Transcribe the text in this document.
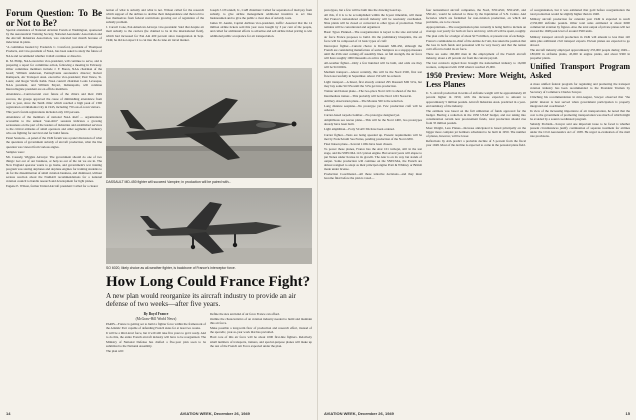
Forum Question: To Be or Not to Be?

Special attendance of National Aviation Forum at Washington, sponsored by the Aeronautical Training Society, National Aeronautic Association and the Aircraft Industries Association, was canceled last month because of indecision in plans.

"A committee headed by Frederick C. Crawford, president of Thompson Products, and vice-president of NAA, has been asked to study the future of NAA and recommend whether it shall continue or dissolve.

R. M. Philip, NAA executive vice-president, will continue to serve, and is preparing a report for committee action, following a meeting in February. Other committee members include J. F. Baron, NAA chairman of the board; William Anderson, Pennsylvania aeronautics director; Robert Ramspeck, Air Transport Assn. executive vice-president; Paul Vance, St. Louis; and Roger Wolfe Kahn. NAA council chairmen Louis Levesque, NAA president, and William Enyart, Indianapolis, will continue Intercollegiate president are ex-officio members.

Attendance—Controversial over future of the clinics and their 1949 success, the groups approved the cause of diminishing attendance from year to year, since the Tenth clinic which reached a high peak of 1300 registration at Oklahoma City in 1945, including 750 out-of-town visitors.

This year's forum registrations included only 100 persons.

Attendance of the members of national NAA shelf ... organizations accessible to the annual "non-shirt" sessions indicates a growing seriousness on the part of the leaders of industries and established services to the critical attitudes of small operators and other segments of industry who are fighting for survival and for build future.

Panel Sessions—A panel of the 1949 forum was a panel discussion of what the questions of government subsidy of aircraft production, what the line question was viewed from various angles.

Samples were:

Mr. Cassady, Wiggins Airways: The government should do one of two things: Get out of our business, or help us out of the rut we are in. The New England operator wants to go home, and government's war training program was staring airplanes and airplane engines for training students to do for the dissemination of small aviation business, and dismissed, without serious reaction about the NARAD recommendations for a national aviation council to handle research and development for light planes.

Eugene E. Wilson, former United Aircraft president: Called for a clearer

notion of what is subsidy and what is not. Wilson called for the research which support of the airlines to decline their independence and then told to free themselves from federal restrictions growing out of regulation of the subsidy problem.

J. Carroll Cone, Pan American Airways vice-president: Said that despite air mail subsidy to the carriers (he claimed to be in the international field), which had increased for Pan Am 400 percent since inauguration in Sept. 1949, he did not expect it to cut into the do lane air travel market.

Joseph J. O'Connell, Jr., CAB chairman: Called for separation of mail pay from subsidy, to give airline management additional incentive to act like businessmen and to give the public a clear idea of subsidy costs.

James W. Austin, Capital Airlines vice-president, traffic: Asserted that the 14 million airline tickets sold this year were bought by 3 per cent of the people, and called for additional efforts to advertise and sell airline ticket pricing to win additional public acceptance for air transportation.

DASSAULT MD-450 fighter will succeed Vampire; in production will be paired with...
SO 6020, likely choice as all-weather fighter, is backbone of France's interceptor force.
How Long Could France Fight?
A new plan would reorganize its aircraft industry to provide an air defense of two weeks—after five years.

By Boyd France

(McGraw-Hill World News)

PARIS—France is getting set to build a fighter force within the framework of the Atlantic Pact capable of defending French skies for at least two weeks.

It will be a third-level force, but it will still take five years to get it ready. And to do this, the entire French aircraft industry will have to be reorganized. The Ministry of National Defense has drafted a five-year plan soon to be submitted to the National Assembly.

The plan will:

Define the size and kind of air force France can afford.

Outline the characteristics of an aviation industry needed to build and maintain this air force.

Make possible a long-term flow of production and research effort, instead of the sporadic, year-to-year work that has prevailed.

Hard core of this air force will be about 1000 first-line fighters. Relatively small numbers of transports, trainers, and special-purpose planes will make up the rest of the French Air Force expected under the plan.

14	AVIATION WEEK, December 26, 1949

prototypes, but a few will be built into the drawing board up.

All this, if it is to be accomplished within the 6-year timetable, will mean that France's nationalized aircraft industry will be resolutely overhauled. Nine plants will be closed or converted to other types of production. What remains will be concentrated and organized.

Basic Types Planned—The reorganization is keyed to the size and kind of air force France proposes to build. On the preliminary blueprints, the air force will be composed of 12 basic types of craft:

Interceptor fighter—Current choice is Dassault MD-450, although the French are considering manufacture of some Vampires as a stopgap measure until the 450s start coming off assembly lines. At full strength, the air force will have roughly 1000 Dassaults on active duty.

All-weather fighter—Only a few hundred will be built, and odds are they will be SO 6020s.

Medium transport—About certainly, this will be the Nord 2500, first test flown successfully in September. About 150 will be ordered.

Light transport—A lineal, first already ordered 295 Dassault MD 315s, but may buy some SO 95s until the 315s get into production.

Trainer and liaison plane—The two-place Nord 1221 is ahead of the list.

Intermediate trainer—This probably will be the Nord 1201 Norecrin.

Artillery observation plane—The Morane 500 is the selection.

Long distance seaplane—No prototype yet. Few production craft will be ordered.

Carrier-based torpedo bomber—No prototype designed yet.

Amphibious sea rescue plane—This will be the Nord 1400, two prototypes already have been built.

Light amphibian—Forty SCAN 30s have been ordered.

Carrier fighter—Tests are being speeded up. Present requirements will be met by French-built Sea Furies, pending production of the Nord 2200.

Fleet liaison plane—Several 1100s have been chosen.

To power these planes, France has the Atar 101 turbojet, still in the test stage, and the SNECMA 14 U piston engine. But several years will elapse to put Nenes under license in its growth. The Atar is on its way but stands of output. Some production will continue on the SNECMA, the French are almost resigned to adopt as their principal engine Pratt & Whitney or British made under license.

Production Coordinated—All these tentative decisions—and they must become final before the plan is voted—

four nationalized aircraft companies, the Nord, SNCASO, SNCASE, and SNCAC, would be reduced to three by the liquidation of S.N. Centre. And factories which are furnished for non-aviation production, on which aid problems, are to be closed.

Appropriations—The reorganization plan currently is being built to include an average cost yearly for both air force and navy, with all will be spent, roughly. The plan calls for a budget of about $175 million, at present rate of exchange.

France's commander-in-chief of the Armée de l'Air, has taken the position that the loss in both funds and personnel will be very heavy and that the nation can't afford to build its air force.

There are some 160,000 men in the employment of the French aircraft industry, about a 20 percent cut from the current payroll.

The last contracts signed have brought the nationalized industry to 16,000 workers, compared with 1938 when it reached 25,000.

1950 Preview: More Weight, Less Planes

U. S. aircraft production in terms of airframe weight will be approximately 20 percent higher in 1950, with the increase expected to amount to approximately 5 million pounds. Aircraft Industries Assn. predicted in a year-end summary of the industry.

The estimate was based on the full utilization of funds approved for the budget. Barring a reduction in the 1950 USAF budget, and not taking into consideration certain new procurement funds, total production should rise from 35 million pounds.

Most Weight, Less Planes—Increase anticipated is based principally on the bigger more complex jet bombers scheduled to be built in 1950. The number of planes, however, will be lower.

Reflections by AIA predict a probable decline of 5 percent from the fiscal year 1948. Most of the decline is expected to come in the personal plane field.

of reorganization, but it was estimated that gold before reorganization the total production would be slightly higher than in 1948.

Military aircraft production for calendar year 1949 is expected to reach 2,550,000 airframe pounds. Other total sales estimated at about 6000 commercial aviation by figures. Also the total output of private planes will not exceed the 1948 peak level of around 3500 units.

Military transport aircraft production in 1949 will amount to less than 120 units plus additional civil transport exports. Eleven planes are expected to go abroad.

The aircraft industry employed approximately 255,000 people during 1949—180,000 in airframe plants, 45,000 in engine plants, and about 9300 in propeller plants.

Unified Transport Program Asked

A more unified federal program for regulating and promoting the transport aviation industry has been recommended to the President Truman by Secretary of Commerce Charles Sawyer.

Clinching his recommendation in mid-August, Sawyer observed that "the public interest is best served when government participation is properly integrated and coordinated."

In view of the increasing importance of air transportation, he noted that the cost to the government of promoting transportation was much of which might be avoided by a sound coordinated program.

Subsidy Problem—Sawyer said one important issue to be faced is whether present circumstances justify continuation of separate treatment for airlines under the Civil Aeronautics Act of 1938. He urged re-evaluation of the mail rate provisions.

AVIATION WEEK, December 26, 1949	15
